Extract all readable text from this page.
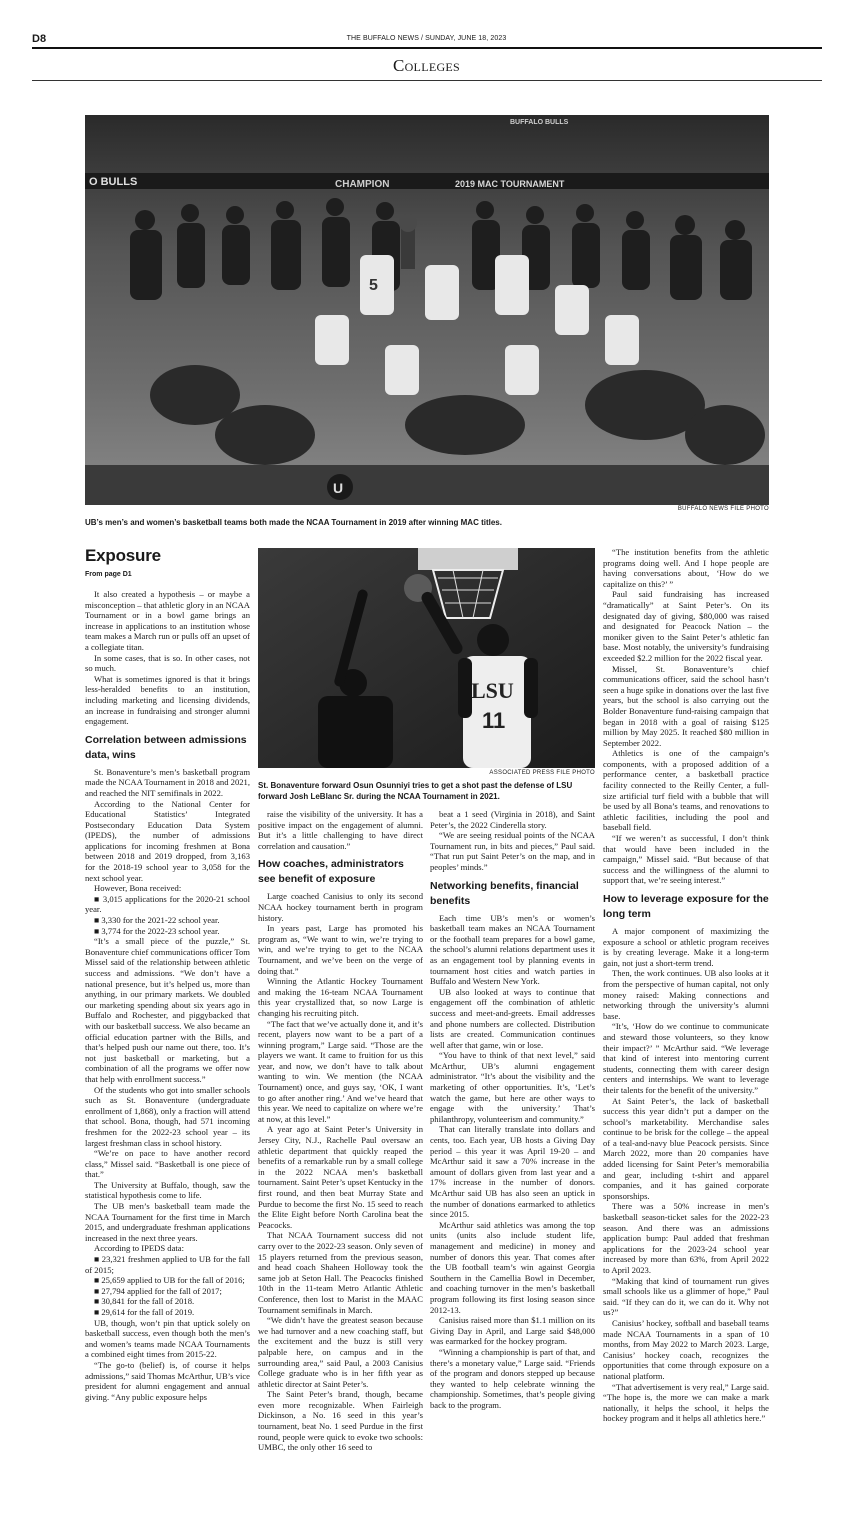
D8	THE BUFFALO NEWS / SUNDAY, JUNE 18, 2023
Colleges
O BULLS	CHAMPION	2019 MAC TOURNAMENT
BUFFALO BULLS
5
U
BUFFALO NEWS FILE PHOTO
UB’s men’s and women’s basketball teams both made the NCAA Tournament in 2019 after winning MAC titles.
Exposure
From page D1
LSU
11
ASSOCIATED PRESS FILE PHOTO
St. Bonaventure forward Osun Osunniyi tries to get a shot past the defense of LSU forward Josh LeBlanc Sr. during the NCAA Tournament in 2021.

It also created a hypothesis – or maybe a misconception – that athletic glory in an NCAA Tournament or in a bowl game brings an increase in applications to an institution whose team makes a March run or pulls off an upset of a collegiate titan.

In some cases, that is so. In other cases, not so much.

What is sometimes ignored is that it brings less-heralded benefits to an institution, including marketing and licensing dividends, an increase in fundraising and stronger alumni engagement.

Correlation between admissions data, wins

St. Bonaventure’s men’s basketball program made the NCAA Tournament in 2018 and 2021, and reached the NIT semifinals in 2022.

According to the National Center for Educational Statistics’ Integrated Postsecondary Education Data System (IPEDS), the number of admissions applications for incoming freshmen at Bona between 2018 and 2019 dropped, from 3,163 for the 2018-19 school year to 3,058 for the next school year.

However, Bona received:

■ 3,015 applications for the 2020-21 school year.

■ 3,330 for the 2021-22 school year.

■ 3,774 for the 2022-23 school year.

“It’s a small piece of the puzzle,” St. Bonaventure chief communications officer Tom Missel said of the relationship between athletic success and admissions. “We don’t have a national presence, but it’s helped us, more than anything, in our primary markets. We doubled our marketing spending about six years ago in Buffalo and Rochester, and piggybacked that with our basketball success. We also became an official education partner with the Bills, and that’s helped push our name out there, too. It’s not just basketball or marketing, but a combination of all the programs we offer now that help with enrollment success.”

Of the students who got into smaller schools such as St. Bonaventure (undergraduate enrollment of 1,868), only a fraction will attend that school. Bona, though, had 571 incoming freshmen for the 2022-23 school year – its largest freshman class in school history.

“We’re on pace to have another record class,” Missel said. “Basketball is one piece of that.”

The University at Buffalo, though, saw the statistical hypothesis come to life.

The UB men’s basketball team made the NCAA Tournament for the first time in March 2015, and undergraduate freshman applications increased in the next three years.

According to IPEDS data:

■ 23,321 freshmen applied to UB for the fall of 2015;

■ 25,659 applied to UB for the fall of 2016;

■ 27,794 applied for the fall of 2017;

■ 30,841 for the fall of 2018.

■ 29,614 for the fall of 2019.

UB, though, won’t pin that uptick solely on basketball success, even though both the men’s and women’s teams made NCAA Tournaments a combined eight times from 2015-22.

“The go-to (belief) is, of course it helps admissions,” said Thomas McArthur, UB’s vice president for alumni engagement and annual giving. “Any public exposure helps

raise the visibility of the university. It has a positive impact on the engagement of alumni. But it’s a little challenging to have direct correlation and causation.”

How coaches, administrators see benefit of exposure

Large coached Canisius to only its second NCAA hockey tournament berth in program history.

In years past, Large has promoted his program as, “We want to win, we’re trying to win, and we’re trying to get to the NCAA Tournament, and we’ve been on the verge of doing that.”

Winning the Atlantic Hockey Tournament and making the 16-team NCAA Tournament this year crystallized that, so now Large is changing his recruiting pitch.

“The fact that we’ve actually done it, and it’s recent, players now want to be a part of a winning program,” Large said. “Those are the players we want. It came to fruition for us this year, and now, we don’t have to talk about wanting to win. We mention (the NCAA Tournament) once, and guys say, ‘OK, I want to go after another ring.’ And we’ve heard that this year. We need to capitalize on where we’re at now, at this level.”

A year ago at Saint Peter’s University in Jersey City, N.J., Rachelle Paul oversaw an athletic department that quickly reaped the benefits of a remarkable run by a small college in the 2022 NCAA men’s basketball tournament. Saint Peter’s upset Kentucky in the first round, and then beat Murray State and Purdue to become the first No. 15 seed to reach the Elite Eight before North Carolina beat the Peacocks.

That NCAA Tournament success did not carry over to the 2022-23 season. Only seven of 15 players returned from the previous season, and head coach Shaheen Holloway took the same job at Seton Hall. The Peacocks finished 10th in the 11-team Metro Atlantic Athletic Conference, then lost to Marist in the MAAC Tournament semifinals in March.

“We didn’t have the greatest season because we had turnover and a new coaching staff, but the excitement and the buzz is still very palpable here, on campus and in the surrounding area,” said Paul, a 2003 Canisius College graduate who is in her fifth year as athletic director at Saint Peter’s.

The Saint Peter’s brand, though, became even more recognizable. When Fairleigh Dickinson, a No. 16 seed in this year’s tournament, beat No. 1 seed Purdue in the first round, people were quick to evoke two schools: UMBC, the only other 16 seed to

beat a 1 seed (Virginia in 2018), and Saint Peter’s, the 2022 Cinderella story.

“We are seeing residual points of the NCAA Tournament run, in bits and pieces,” Paul said. “That run put Saint Peter’s on the map, and in peoples’ minds.”

Networking benefits, financial benefits

Each time UB’s men’s or women’s basketball team makes an NCAA Tournament or the football team prepares for a bowl game, the school’s alumni relations department uses it as an engagement tool by planning events in tournament host cities and watch parties in Buffalo and Western New York.

UB also looked at ways to continue that engagement off the combination of athletic success and meet-and-greets. Email addresses and phone numbers are collected. Distribution lists are created. Communication continues well after that game, win or lose.

“You have to think of that next level,” said McArthur, UB’s alumni engagement administrator. “It’s about the visibility and the marketing of other opportunities. It’s, ‘Let’s watch the game, but here are other ways to engage with the university.’ That’s philanthropy, volunteerism and community.”

That can literally translate into dollars and cents, too. Each year, UB hosts a Giving Day period – this year it was April 19-20 – and McArthur said it saw a 70% increase in the amount of dollars given from last year and a 17% increase in the number of donors. McArthur said UB has also seen an uptick in the number of donations earmarked to athletics since 2015.

McArthur said athletics was among the top units (units also include student life, management and medicine) in money and number of donors this year. That comes after the UB football team’s win against Georgia Southern in the Camellia Bowl in December, and coaching turnover in the men’s basketball program following its first losing season since 2012-13.

Canisius raised more than $1.1 million on its Giving Day in April, and Large said $48,000 was earmarked for the hockey program.

“Winning a championship is part of that, and there’s a monetary value,” Large said. “Friends of the program and donors stepped up because they wanted to help celebrate winning the championship. Sometimes, that’s people giving back to the program.

“The institution benefits from the athletic programs doing well. And I hope people are having conversations about, ‘How do we capitalize on this?’ ”

Paul said fundraising has increased “dramatically” at Saint Peter’s. On its designated day of giving, $80,000 was raised and designated for Peacock Nation – the moniker given to the Saint Peter’s athletic fan base. Most notably, the university’s fundraising exceeded $2.2 million for the 2022 fiscal year.

Missel, St. Bonaventure’s chief communications officer, said the school hasn’t seen a huge spike in donations over the last five years, but the school is also carrying out the Bolder Bonaventure fund-raising campaign that began in 2018 with a goal of raising $125 million by May 2025. It reached $80 million in September 2022.

Athletics is one of the campaign’s components, with a proposed addition of a performance center, a basketball practice facility connected to the Reilly Center, a full-size artificial turf field with a bubble that will be used by all Bona’s teams, and renovations to athletic facilities, including the pool and baseball field.

“If we weren’t as successful, I don’t think that would have been included in the campaign,” Missel said. “But because of that success and the willingness of the alumni to support that, we’re seeing interest.”

How to leverage exposure for the long term

A major component of maximizing the exposure a school or athletic program receives is by creating leverage. Make it a long-term gain, not just a short-term trend.

Then, the work continues. UB also looks at it from the perspective of human capital, not only money raised: Making connections and networking through the university’s alumni base.

“It’s, ‘How do we continue to communicate and steward those volunteers, so they know their impact?’ ” McArthur said. “We leverage that kind of interest into mentoring current students, connecting them with career design centers and internships. We want to leverage their talents for the benefit of the university.”

At Saint Peter’s, the lack of basketball success this year didn’t put a damper on the school’s marketability. Merchandise sales continue to be brisk for the college – the appeal of a teal-and-navy blue Peacock persists. Since March 2022, more than 20 companies have added licensing for Saint Peter’s memorabilia and gear, including t-shirt and apparel companies, and it has gained corporate sponsorships.

There was a 50% increase in men’s basketball season-ticket sales for the 2022-23 season. And there was an admissions application bump: Paul added that freshman applications for the 2023-24 school year increased by more than 63%, from April 2022 to April 2023.

“Making that kind of tournament run gives small schools like us a glimmer of hope,” Paul said. “If they can do it, we can do it. Why not us?”

Canisius’ hockey, softball and baseball teams made NCAA Tournaments in a span of 10 months, from May 2022 to March 2023. Large, Canisius’ hockey coach, recognizes the opportunities that come through exposure on a national platform.

“That advertisement is very real,” Large said. “The hope is, the more we can make a mark nationally, it helps the school, it helps the hockey program and it helps all athletics here.”
